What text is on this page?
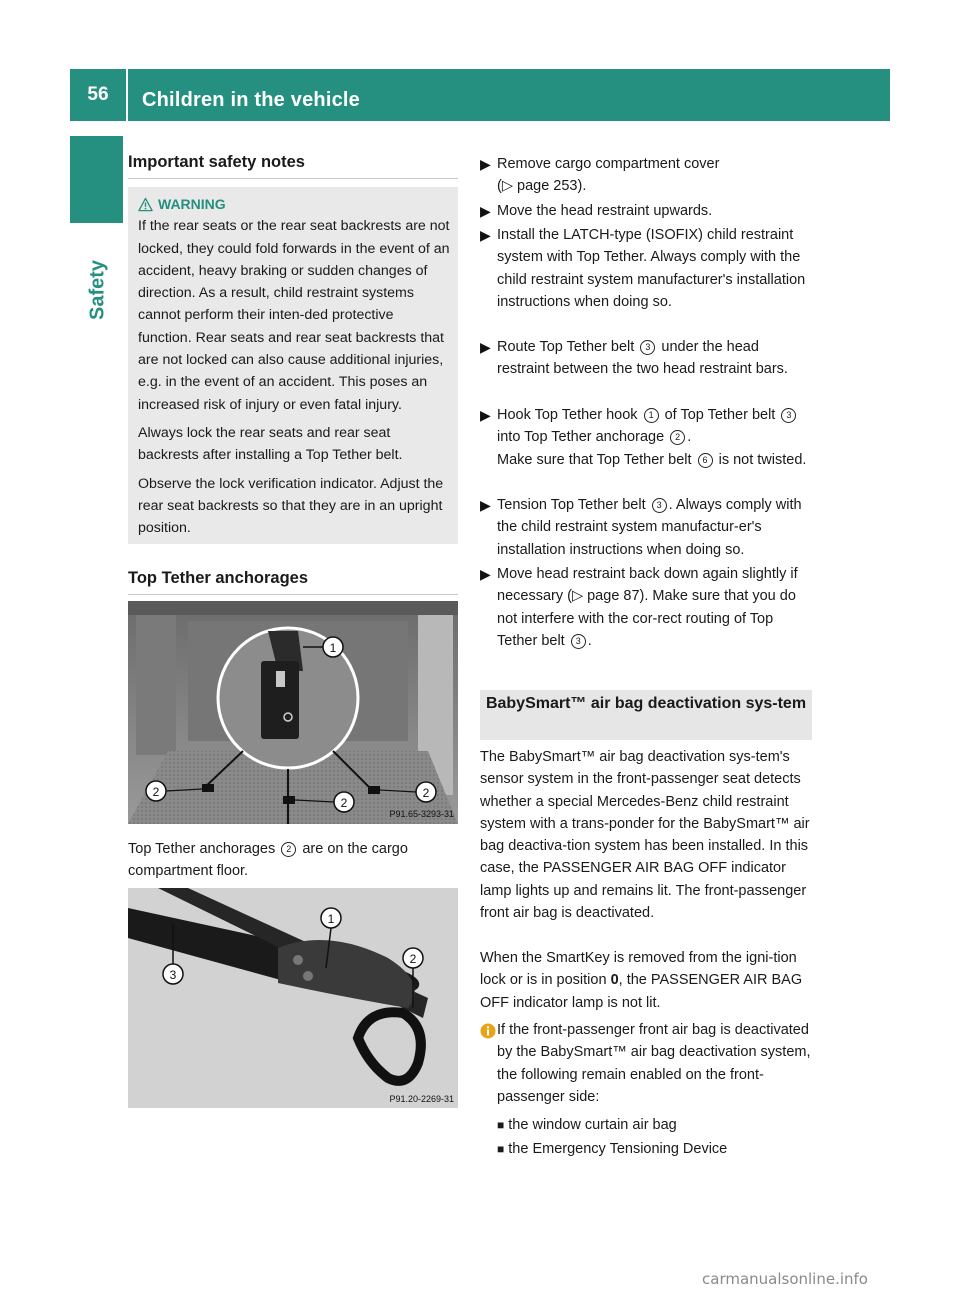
56	Children in the vehicle
Safety
Important safety notes
WARNING

If the rear seats or the rear seat backrests are not locked, they could fold forwards in the event of an accident, heavy braking or sudden changes of direction. As a result, child restraint systems cannot perform their inten-ded protective function. Rear seats and rear seat backrests that are not locked can also cause additional injuries, e.g. in the event of an accident. This poses an increased risk of injury or even fatal injury.

Always lock the rear seats and rear seat backrests after installing a Top Tether belt.

Observe the lock verification indicator. Adjust the rear seat backrests so that they are in an upright position.

Top Tether anchorages
1
2
2
2
P91.65-3293-31
Top Tether anchorages 2 are on the cargo compartment floor.
1
2
3
P91.20-2269-31
▶ Remove cargo compartment cover
(▷ page 253).
▶ Move the head restraint upwards.
▶ Install the LATCH-type (ISOFIX) child restraint system with Top Tether. Always comply with the child restraint system manufacturer's installation instructions when doing so.
▶ Route Top Tether belt 3 under the head restraint between the two head restraint bars.
▶ Hook Top Tether hook 1 of Top Tether belt 3 into Top Tether anchorage 2 .
Make sure that Top Tether belt 6 is not twisted.
▶ Tension Top Tether belt 3 . Always comply with the child restraint system manufactur-er's installation instructions when doing so.
▶ Move head restraint back down again slightly if necessary (▷ page 87). Make sure that you do not interfere with the cor-rect routing of Top Tether belt 3 .
BabySmart™ air bag deactivation sys-tem
The BabySmart™ air bag deactivation sys-tem's sensor system in the front-passenger seat detects whether a special Mercedes-Benz child restraint system with a trans-ponder for the BabySmart™ air bag deactiva-tion system has been installed. In this case, the PASSENGER AIR BAG OFF indicator lamp lights up and remains lit. The front-passenger front air bag is deactivated.
When the SmartKey is removed from the igni-tion lock or is in position 0, the PASSENGER AIR BAG OFF indicator lamp is not lit.
If the front-passenger front air bag is deactivated by the BabySmart™ air bag deactivation system, the following remain enabled on the front-passenger side:
■ the window curtain air bag
■ the Emergency Tensioning Device
carmanualsonline.info
